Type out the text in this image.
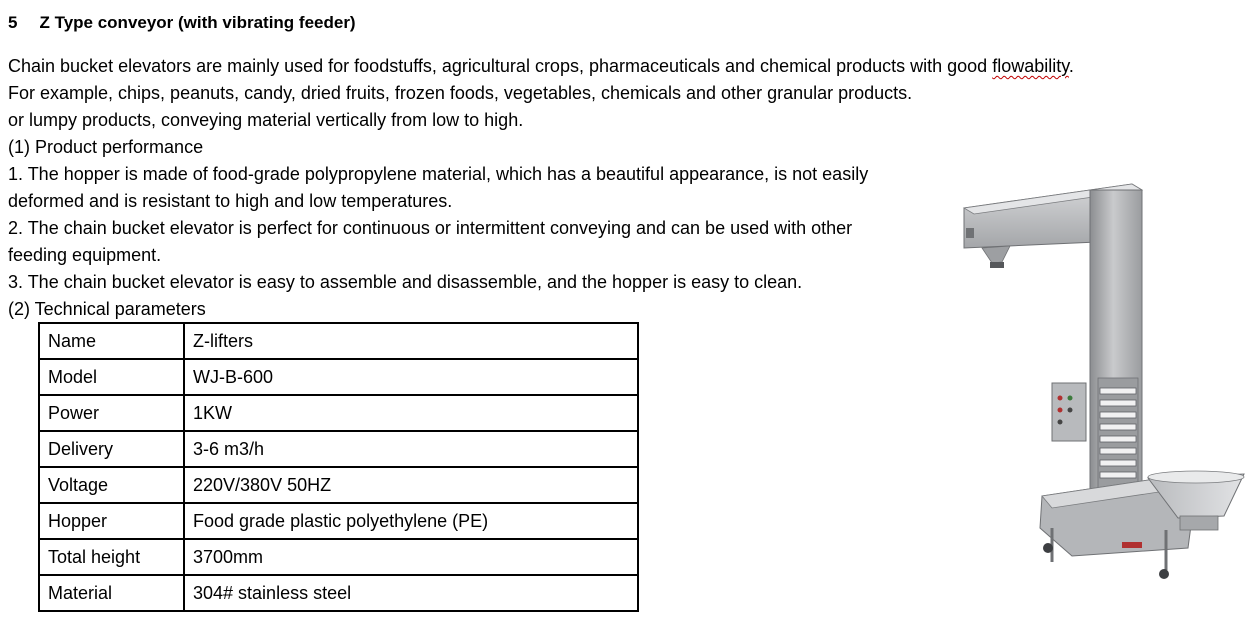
5 Z Type conveyor (with vibrating feeder)
Chain bucket elevators are mainly used for foodstuffs, agricultural crops, pharmaceuticals and chemical products with good flowability.
For example, chips, peanuts, candy, dried fruits, frozen foods, vegetables, chemicals and other granular products.
or lumpy products, conveying material vertically from low to high.
(1) Product performance
1. The hopper is made of food-grade polypropylene material, which has a beautiful appearance, is not easily
deformed and is resistant to high and low temperatures.
2. The chain bucket elevator is perfect for continuous or intermittent conveying and can be used with other
feeding equipment.
3. The chain bucket elevator is easy to assemble and disassemble, and the hopper is easy to clean.
(2) Technical parameters
Name	Z-lifters
Model	WJ-B-600
Power	1KW
Delivery	3-6 m3/h
Voltage	220V/380V 50HZ
Hopper	Food grade plastic polyethylene (PE)
Total height	3700mm
Material	304# stainless steel
